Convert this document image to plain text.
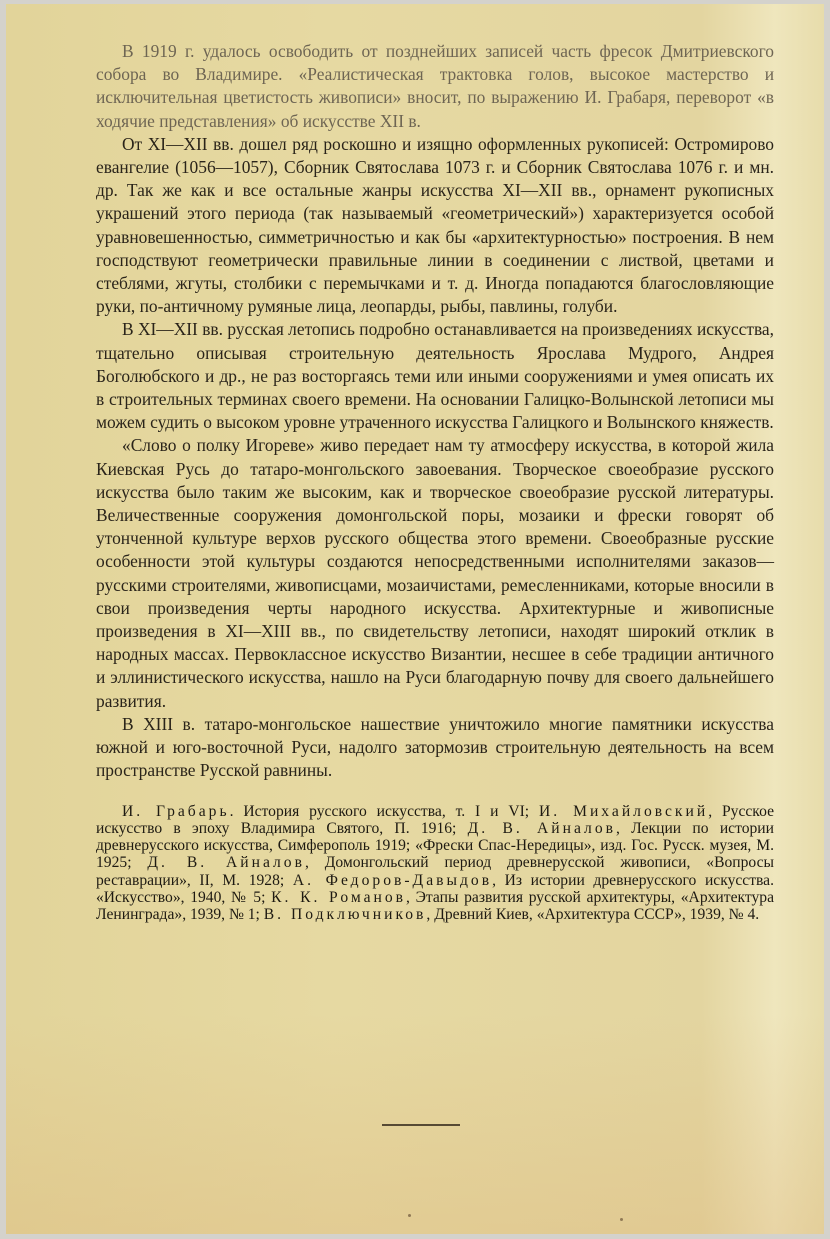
В 1919 г. удалось освободить от позднейших записей часть фресок Дмитриевского собора во Владимире. «Реалистическая трактовка голов, высокое мастерство и исключительная цветистость живописи» вносит, по выражению И. Грабаря, переворот «в ходячие представления» об искусстве XII в.

От XI—XII вв. дошел ряд роскошно и изящно оформленных рукописей: Остромирово евангелие (1056—1057), Сборник Святослава 1073 г. и Сборник Святослава 1076 г. и мн. др. Так же как и все остальные жанры искусства XI—XII вв., орнамент рукописных украшений этого периода (так называемый «геометрический») характеризуется особой уравновешенностью, симметричностью и как бы «архитектурностью» построения. В нем господствуют геометрически правильные линии в соединении с листвой, цветами и стеблями, жгуты, столбики с перемычками и т. д. Иногда попадаются благословляющие руки, по-античному румяные лица, леопарды, рыбы, павлины, голуби.

В XI—XII вв. русская летопись подробно останавливается на произведениях искусства, тщательно описывая строительную деятельность Ярослава Мудрого, Андрея Боголюбского и др., не раз восторгаясь теми или иными сооружениями и умея описать их в строительных терминах своего времени. На основании Галицко-Волынской летописи мы можем судить о высоком уровне утраченного искусства Галицкого и Волынского княжеств.

«Слово о полку Игореве» живо передает нам ту атмосферу искусства, в которой жила Киевская Русь до татаро-монгольского завоевания. Творческое своеобразие русского искусства было таким же высоким, как и творческое своеобразие русской литературы. Величественные сооружения домонгольской поры, мозаики и фрески говорят об утонченной культуре верхов русского общества этого времени. Своеобразные русские особенности этой культуры создаются непосредственными исполнителями заказов—русскими строителями, живописцами, мозаичистами, ремесленниками, которые вносили в свои произведения черты народного искусства. Архитектурные и живописные произведения в XI—XIII вв., по свидетельству летописи, находят широкий отклик в народных массах. Первоклассное искусство Византии, несшее в себе традиции античного и эллинистического искусства, нашло на Руси благодарную почву для своего дальнейшего развития.

В XIII в. татаро-монгольское нашествие уничтожило многие памятники искусства южной и юго-восточной Руси, надолго затормозив строительную деятельность на всем пространстве Русской равнины.

И. Грабарь. История русского искусства, т. I и VI; И. Михайловский, Русское искусство в эпоху Владимира Святого, П. 1916; Д. В. Айналов, Лекции по истории древнерусского искусства, Симферополь 1919; «Фрески Спас-Нередицы», изд. Гос. Русск. музея, М. 1925; Д. В. Айналов, Домонгольский период древнерусской живописи, «Вопросы реставрации», II, М. 1928; А. Федоров-Давыдов, Из истории древнерусского искусства. «Искусство», 1940, № 5; К. К. Романов, Этапы развития русской архитектуры, «Архитектура Ленинграда», 1939, № 1; В. Подключников, Древний Киев, «Архитектура СССР», 1939, № 4.
